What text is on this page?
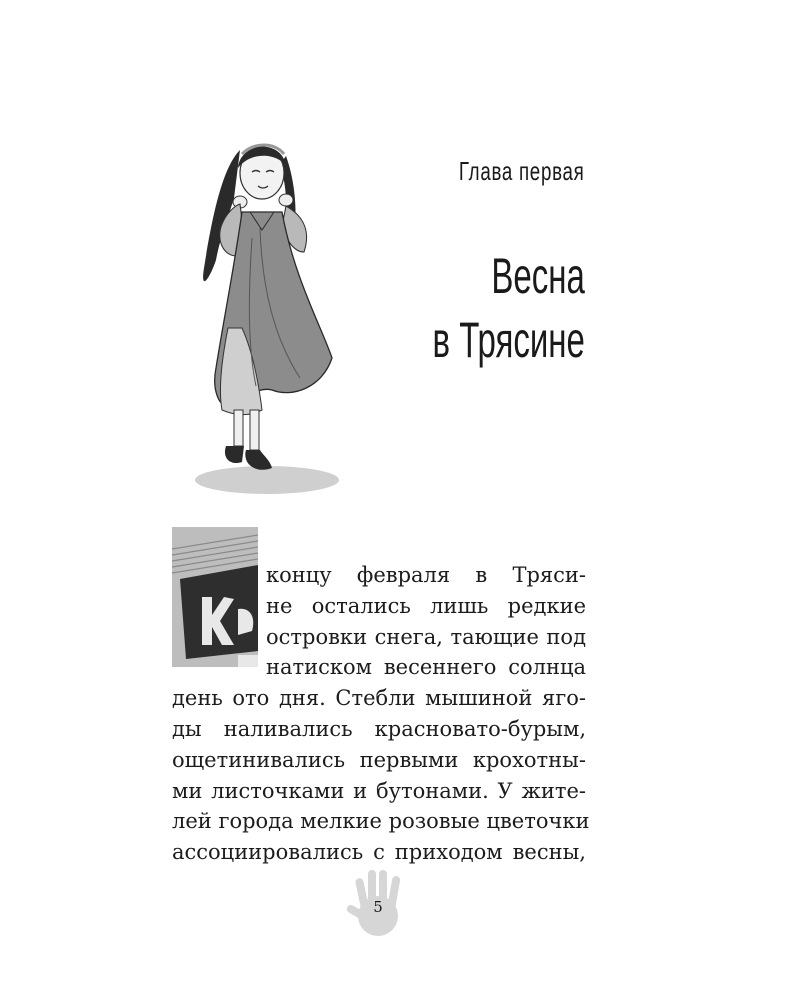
Глава первая
Весна
в Трясине
концу февраля в Тряси-
не остались лишь редкие
островки снега, тающие под
натиском весеннего солнца
день ото дня. Стебли мышиной яго-
ды наливались красновато-бурым,
ощетинивались первыми крохотны-
ми листочками и бутонами. У жите-
лей города мелкие розовые цветочки
ассоциировались с приходом весны,
5
